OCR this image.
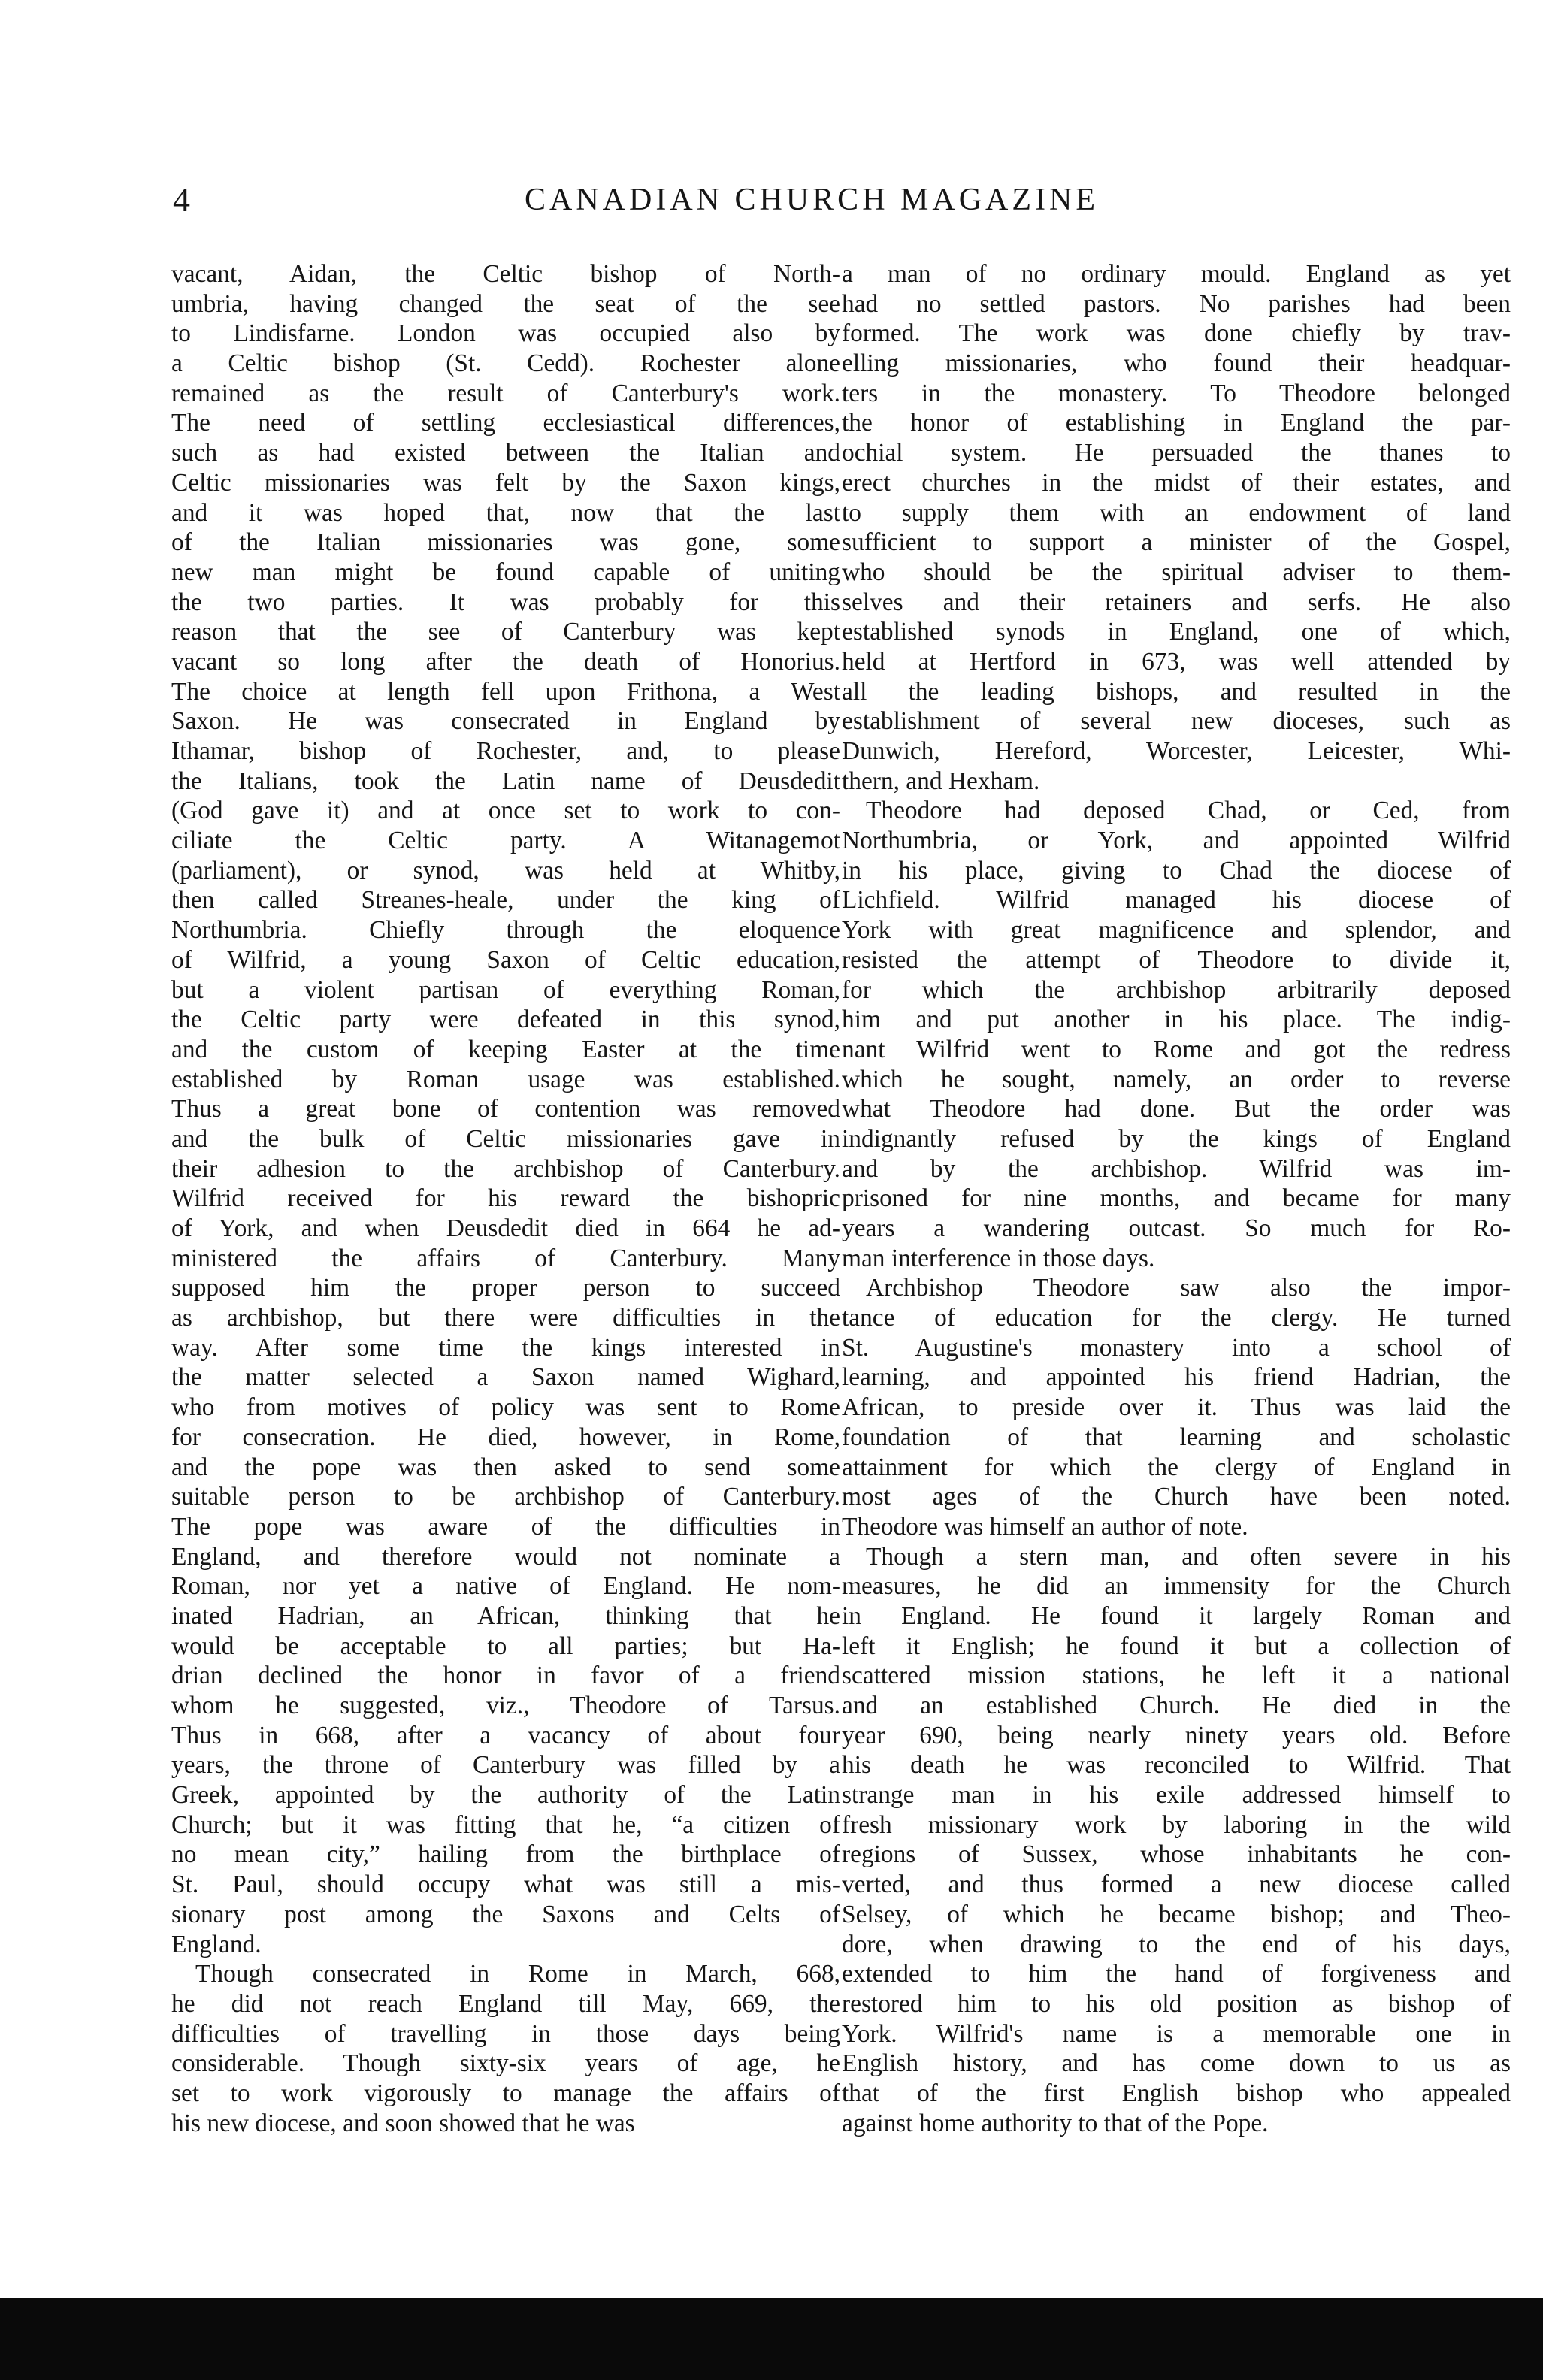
4	CANADIAN CHURCH MAGAZINE
vacant, Aidan, the Celtic bishop of North-
umbria, having changed the seat of the see
to Lindisfarne. London was occupied also by
a Celtic bishop (St. Cedd). Rochester alone
remained as the result of Canterbury's work.
The need of settling ecclesiastical differences,
such as had existed between the Italian and
Celtic missionaries was felt by the Saxon kings,
and it was hoped that, now that the last
of the Italian missionaries was gone, some
new man might be found capable of uniting
the two parties. It was probably for this
reason that the see of Canterbury was kept
vacant so long after the death of Honorius.
The choice at length fell upon Frithona, a West
Saxon. He was consecrated in England by
Ithamar, bishop of Rochester, and, to please
the Italians, took the Latin name of Deusdedit
(God gave it) and at once set to work to con-
ciliate the Celtic party. A Witanagemot
(parliament), or synod, was held at Whitby,
then called Streanes-heale, under the king of
Northumbria. Chiefly through the eloquence
of Wilfrid, a young Saxon of Celtic education,
but a violent partisan of everything Roman,
the Celtic party were defeated in this synod,
and the custom of keeping Easter at the time
established by Roman usage was established.
Thus a great bone of contention was removed
and the bulk of Celtic missionaries gave in
their adhesion to the archbishop of Canterbury.
Wilfrid received for his reward the bishopric
of York, and when Deusdedit died in 664 he ad-
ministered the affairs of Canterbury. Many
supposed him the proper person to succeed
as archbishop, but there were difficulties in the
way. After some time the kings interested in
the matter selected a Saxon named Wighard,
who from motives of policy was sent to Rome
for consecration. He died, however, in Rome,
and the pope was then asked to send some
suitable person to be archbishop of Canterbury.
The pope was aware of the difficulties in
England, and therefore would not nominate a
Roman, nor yet a native of England. He nom-
inated Hadrian, an African, thinking that he
would be acceptable to all parties; but Ha-
drian declined the honor in favor of a friend
whom he suggested, viz., Theodore of Tarsus.
Thus in 668, after a vacancy of about four
years, the throne of Canterbury was filled by a
Greek, appointed by the authority of the Latin
Church; but it was fitting that he, “a citizen of
no mean city,” hailing from the birthplace of
St. Paul, should occupy what was still a mis-
sionary post among the Saxons and Celts of
England.
Though consecrated in Rome in March, 668,
he did not reach England till May, 669, the
difficulties of travelling in those days being
considerable. Though sixty-six years of age, he
set to work vigorously to manage the affairs of
his new diocese, and soon showed that he was
a man of no ordinary mould. England as yet
had no settled pastors. No parishes had been
formed. The work was done chiefly by trav-
elling missionaries, who found their headquar-
ters in the monastery. To Theodore belonged
the honor of establishing in England the par-
ochial system. He persuaded the thanes to
erect churches in the midst of their estates, and
to supply them with an endowment of land
sufficient to support a minister of the Gospel,
who should be the spiritual adviser to them-
selves and their retainers and serfs. He also
established synods in England, one of which,
held at Hertford in 673, was well attended by
all the leading bishops, and resulted in the
establishment of several new dioceses, such as
Dunwich, Hereford, Worcester, Leicester, Whi-
thern, and Hexham.
Theodore had deposed Chad, or Ced, from
Northumbria, or York, and appointed Wilfrid
in his place, giving to Chad the diocese of
Lichfield. Wilfrid managed his diocese of
York with great magnificence and splendor, and
resisted the attempt of Theodore to divide it,
for which the archbishop arbitrarily deposed
him and put another in his place. The indig-
nant Wilfrid went to Rome and got the redress
which he sought, namely, an order to reverse
what Theodore had done. But the order was
indignantly refused by the kings of England
and by the archbishop. Wilfrid was im-
prisoned for nine months, and became for many
years a wandering outcast. So much for Ro-
man interference in those days.
Archbishop Theodore saw also the impor-
tance of education for the clergy. He turned
St. Augustine's monastery into a school of
learning, and appointed his friend Hadrian, the
African, to preside over it. Thus was laid the
foundation of that learning and scholastic
attainment for which the clergy of England in
most ages of the Church have been noted.
Theodore was himself an author of note.
Though a stern man, and often severe in his
measures, he did an immensity for the Church
in England. He found it largely Roman and
left it English; he found it but a collection of
scattered mission stations, he left it a national
and an established Church. He died in the
year 690, being nearly ninety years old. Before
his death he was reconciled to Wilfrid. That
strange man in his exile addressed himself to
fresh missionary work by laboring in the wild
regions of Sussex, whose inhabitants he con-
verted, and thus formed a new diocese called
Selsey, of which he became bishop; and Theo-
dore, when drawing to the end of his days,
extended to him the hand of forgiveness and
restored him to his old position as bishop of
York. Wilfrid's name is a memorable one in
English history, and has come down to us as
that of the first English bishop who appealed
against home authority to that of the Pope.
